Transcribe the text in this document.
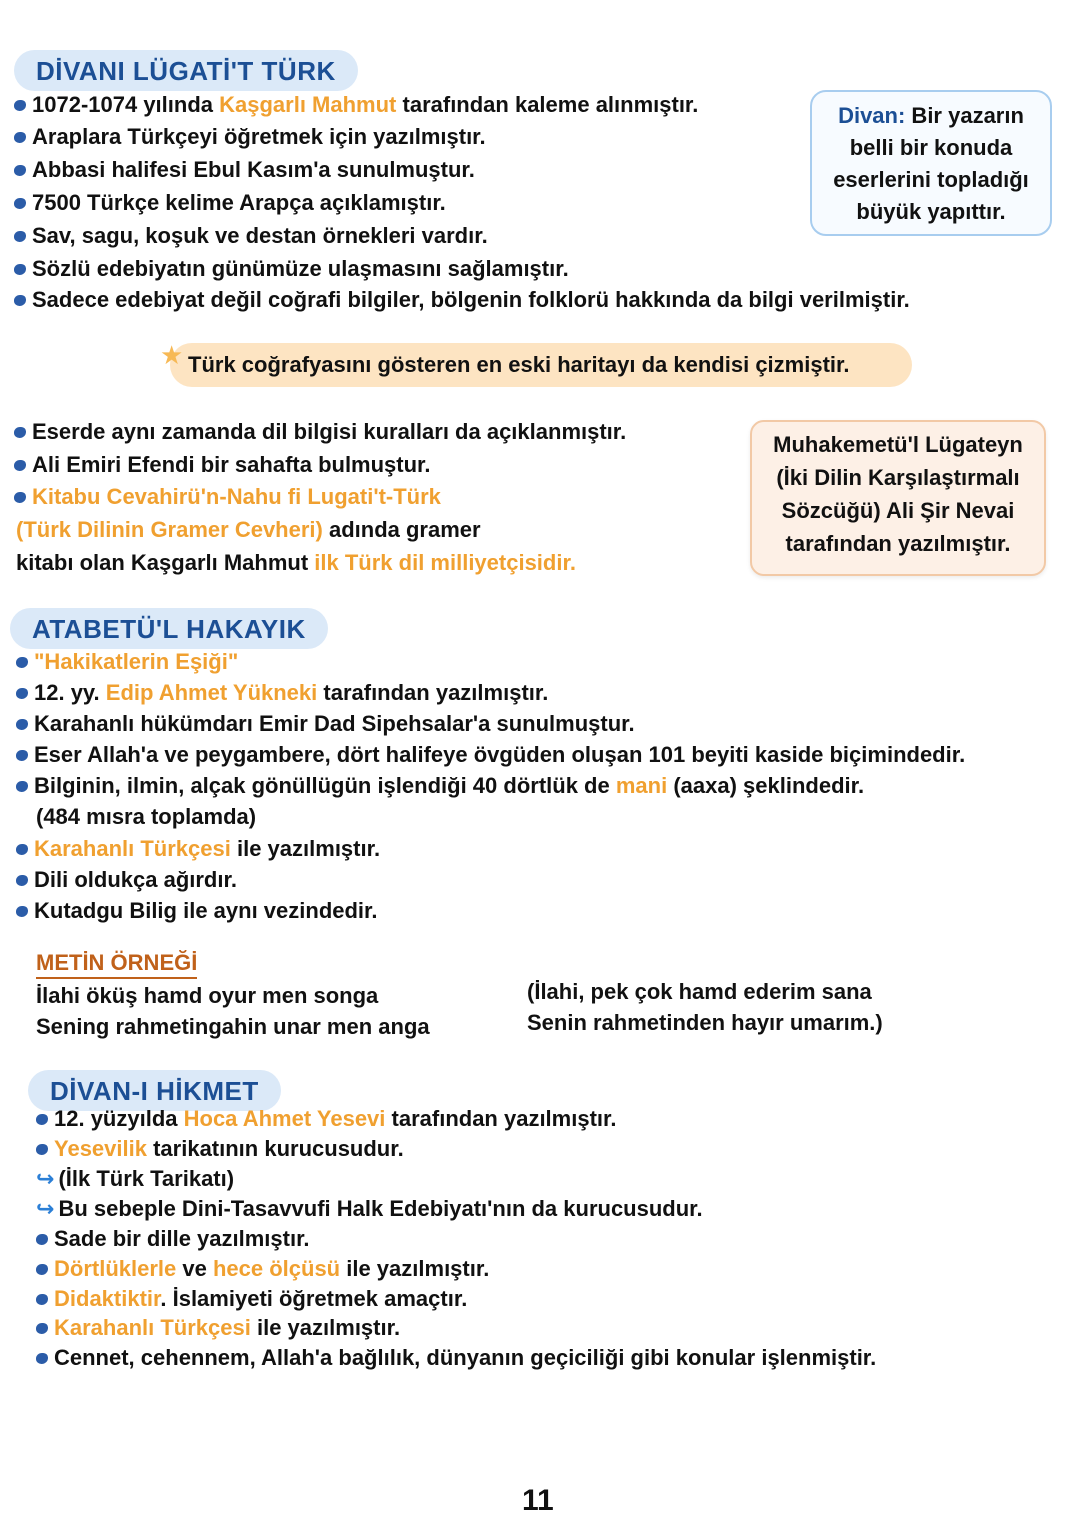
DİVANI LÜGATİ'T TÜRK
1072-1074 yılında Kaşgarlı Mahmut tarafından kaleme alınmıştır.
Araplara Türkçeyi öğretmek için yazılmıştır.
Abbasi halifesi Ebul Kasım'a sunulmuştur.
7500 Türkçe kelime Arapça açıklamıştır.
Sav, sagu, koşuk ve destan örnekleri vardır.
Sözlü edebiyatın günümüze ulaşmasını sağlamıştır.
Sadece edebiyat değil coğrafi bilgiler, bölgenin folklorü hakkında da bilgi verilmiştir.
Divan: Bir yazarın
belli bir konuda
eserlerini topladığı
büyük yapıttır.
Türk coğrafyasını gösteren en eski haritayı da kendisi çizmiştir.
★
Eserde aynı zamanda dil bilgisi kuralları da açıklanmıştır.
Ali Emiri Efendi bir sahafta bulmuştur.
Kitabu Cevahirü'n-Nahu fi Lugati't-Türk
(Türk Dilinin Gramer Cevheri) adında gramer
kitabı olan Kaşgarlı Mahmut ilk Türk dil milliyetçisidir.
Muhakemetü'l Lügateyn
(İki Dilin Karşılaştırmalı
Sözcüğü) Ali Şir Nevai
tarafından yazılmıştır.
ATABETÜ'L HAKAYIK
"Hakikatlerin Eşiği"
12. yy. Edip Ahmet Yükneki tarafından yazılmıştır.
Karahanlı hükümdarı Emir Dad Sipehsalar'a sunulmuştur.
Eser Allah'a ve peygambere, dört halifeye övgüden oluşan 101 beyiti kaside biçimindedir.
Bilginin, ilmin, alçak gönüllügün işlendiği 40 dörtlük de mani (aaxa) şeklindedir.
(484 mısra toplamda)
Karahanlı Türkçesi ile yazılmıştır.
Dili oldukça ağırdır.
Kutadgu Bilig ile aynı vezindedir.
METİN ÖRNEĞİ
İlahi öküş hamd oyur men songa
Sening rahmetingahin unar men anga
(İlahi, pek çok hamd ederim sana
Senin rahmetinden hayır umarım.)
DİVAN-I HİKMET
12. yüzyılda Hoca Ahmet Yesevi tarafından yazılmıştır.
Yesevilik tarikatının kurucusudur.
↪ (İlk Türk Tarikatı)
↪ Bu sebeple Dini-Tasavvufi Halk Edebiyatı'nın da kurucusudur.
Sade bir dille yazılmıştır.
Dörtlüklerle ve hece ölçüsü ile yazılmıştır.
Didaktiktir. İslamiyeti öğretmek amaçtır.
Karahanlı Türkçesi ile yazılmıştır.
Cennet, cehennem, Allah'a bağlılık, dünyanın geçiciliği gibi konular işlenmiştir.
11
